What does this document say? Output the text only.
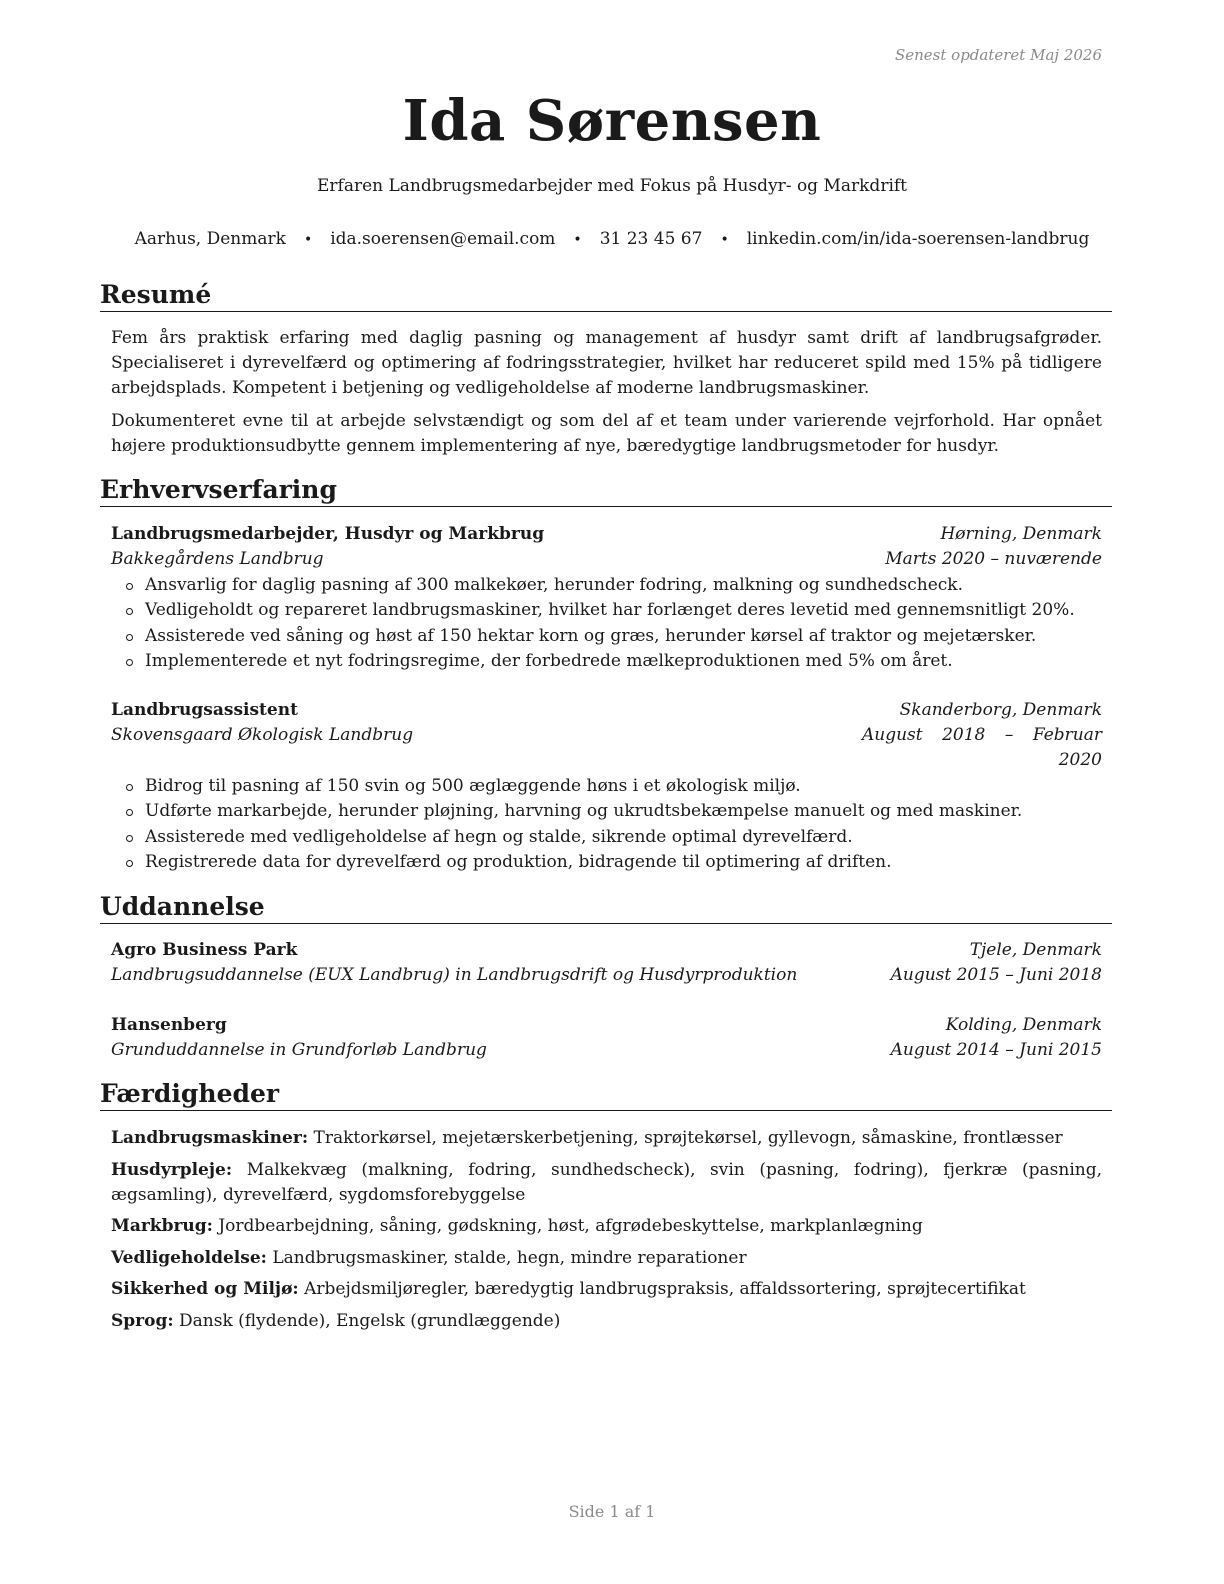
Senest opdateret Maj 2026
Ida Sørensen
Erfaren Landbrugsmedarbejder med Fokus på Husdyr- og Markdrift
Aarhus, Denmark • ida.soerensen@email.com • 31 23 45 67 • linkedin.com/in/ida-soerensen-landbrug
Resumé

Fem års praktisk erfaring med daglig pasning og management af husdyr samt drift af landbrugsafgrøder. Specialiseret i dyrevelfærd og optimering af fodringsstrategier, hvilket har reduceret spild med 15% på tidligere arbejdsplads. Kompetent i betjening og vedligeholdelse af moderne landbrugsmaskiner.

Dokumenteret evne til at arbejde selvstændigt og som del af et team under varierende vejrforhold. Har opnået højere produktionsudbytte gennem implementering af nye, bæredygtige landbrugsmetoder for husdyr.

Erhvervserfaring
Landbrugsmedarbejder, Husdyr og Markbrug	Hørning, Denmark
Bakkegårdens Landbrug	Marts 2020 – nuværende
Ansvarlig for daglig pasning af 300 malkekøer, herunder fodring, malkning og sundhedscheck.
Vedligeholdt og repareret landbrugsmaskiner, hvilket har forlænget deres levetid med gennemsnitligt 20%.
Assisterede ved såning og høst af 150 hektar korn og græs, herunder kørsel af traktor og mejetærsker.
Implementerede et nyt fodringsregime, der forbedrede mælkeproduktionen med 5% om året.
Landbrugsassistent	Skanderborg, Denmark
Skovensgaard Økologisk Landbrug	August 2018 – Februar 2020
Bidrog til pasning af 150 svin og 500 æglæggende høns i et økologisk miljø.
Udførte markarbejde, herunder pløjning, harvning og ukrudtsbekæmpelse manuelt og med maskiner.
Assisterede med vedligeholdelse af hegn og stalde, sikrende optimal dyrevelfærd.
Registrerede data for dyrevelfærd og produktion, bidragende til optimering af driften.
Uddannelse
Agro Business Park	Tjele, Denmark
Landbrugsuddannelse (EUX Landbrug) in Landbrugsdrift og Husdyrproduktion	August 2015 – Juni 2018
Hansenberg	Kolding, Denmark
Grunduddannelse in Grundforløb Landbrug	August 2014 – Juni 2015
Færdigheder

Landbrugsmaskiner: Traktorkørsel, mejetærskerbetjening, sprøjtekørsel, gyllevogn, såmaskine, frontlæsser

Husdyrpleje: Malkekvæg (malkning, fodring, sundhedscheck), svin (pasning, fodring), fjerkræ (pasning, ægsamling), dyrevelfærd, sygdomsforebyggelse

Markbrug: Jordbearbejdning, såning, gødskning, høst, afgrødebeskyttelse, markplanlægning

Vedligeholdelse: Landbrugsmaskiner, stalde, hegn, mindre reparationer

Sikkerhed og Miljø: Arbejdsmiljøregler, bæredygtig landbrugspraksis, affaldssortering, sprøjtecertifikat

Sprog: Dansk (flydende), Engelsk (grundlæggende)

Side 1 af 1
